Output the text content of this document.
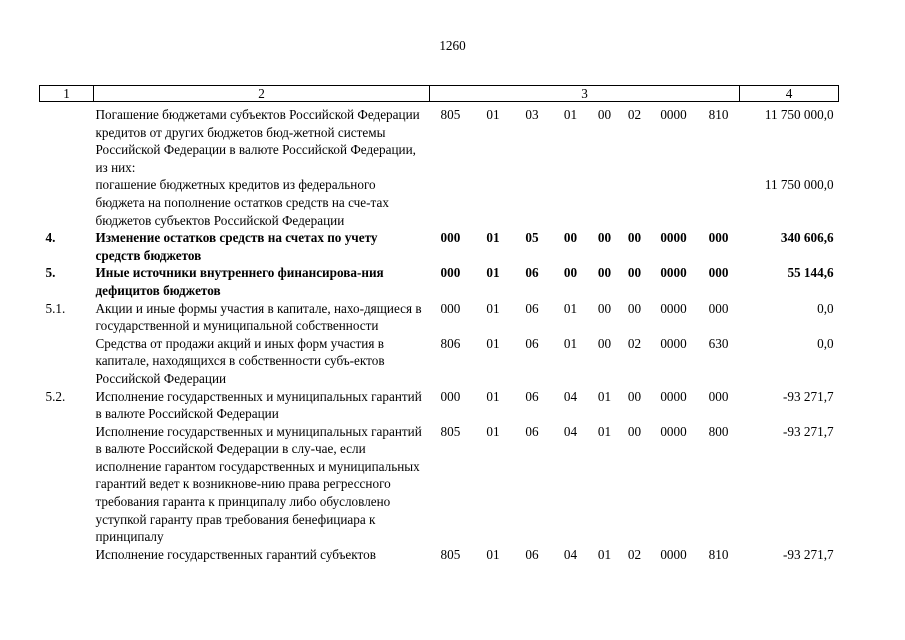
1260
1	2	3								4
	Погашение бюджетами субъектов Российской Федерации кредитов от других бюджетов бюд-жетной системы Российской Федерации в валюте Российской Федерации, из них:	805	01	03	01	00	02	0000	810	11 750 000,0
	погашение бюджетных кредитов из федерального бюджета на пополнение остатков средств на сче-тах бюджетов субъектов Российской Федерации									11 750 000,0
4.	Изменение остатков средств на счетах по учету средств бюджетов	000	01	05	00	00	00	0000	000	340 606,6
5.	Иные источники внутреннего финансирова-ния дефицитов бюджетов	000	01	06	00	00	00	0000	000	55 144,6
5.1.	Акции и иные формы участия в капитале, нахо-дящиеся в государственной и муниципальной собственности	000	01	06	01	00	00	0000	000	0,0
	Средства от продажи акций и иных форм участия в капитале, находящихся в собственности субъ-ектов Российской Федерации	806	01	06	01	00	02	0000	630	0,0
5.2.	Исполнение государственных и муниципальных гарантий в валюте Российской Федерации	000	01	06	04	01	00	0000	000	-93 271,7
	Исполнение государственных и муниципальных гарантий в валюте Российской Федерации в слу-чае, если исполнение гарантом государственных и муниципальных гарантий ведет к возникнове-нию права регрессного требования гаранта к принципалу либо обусловлено уступкой гаранту прав требования бенефициара к принципалу	805	01	06	04	01	00	0000	800	-93 271,7
	Исполнение государственных гарантий субъектов	805	01	06	04	01	02	0000	810	-93 271,7
